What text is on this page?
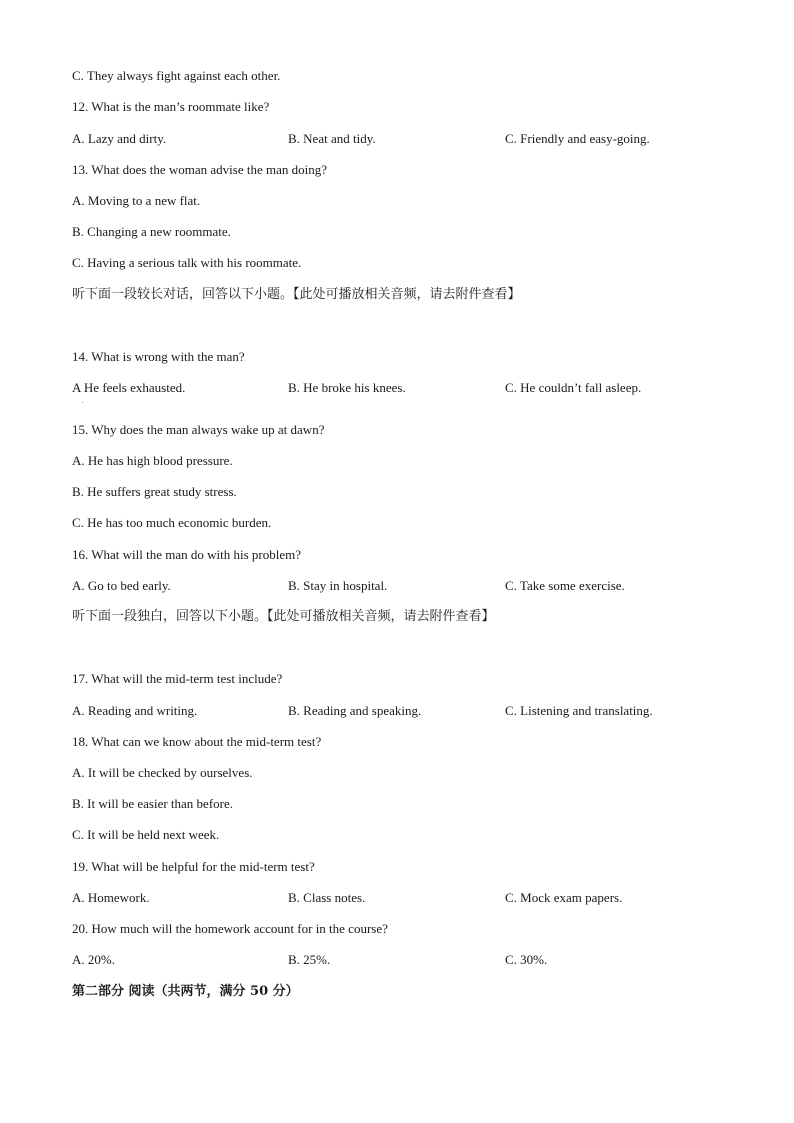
C. They always fight against each other.
12. What is the man’s roommate like?
A. Lazy and dirty.	B. Neat and tidy.	C. Friendly and easy-going.
13. What does the woman advise the man doing?
A. Moving to a new flat.
B. Changing a new roommate.
C. Having a serious talk with his roommate.
听下面一段较长对话，回答以下小题。【此处可播放相关音频，请去附件查看】
14. What is wrong with the man?
A He feels exhausted.	B. He broke his knees.	C. He couldn’t fall asleep.
.
15. Why does the man always wake up at dawn?
A. He has high blood pressure.
B. He suffers great study stress.
C. He has too much economic burden.
16. What will the man do with his problem?
A. Go to bed early.	B. Stay in hospital.	C. Take some exercise.
听下面一段独白，回答以下小题。【此处可播放相关音频，请去附件查看】
17. What will the mid-term test include?
A. Reading and writing.	B. Reading and speaking.	C. Listening and translating.
18. What can we know about the mid-term test?
A. It will be checked by ourselves.
B. It will be easier than before.
C. It will be held next week.
19. What will be helpful for the mid-term test?
A. Homework.	B. Class notes.	C. Mock exam papers.
20. How much will the homework account for in the course?
A. 20%.	B. 25%.	C. 30%.
第二部分 阅读（共两节，满分 50 分）
